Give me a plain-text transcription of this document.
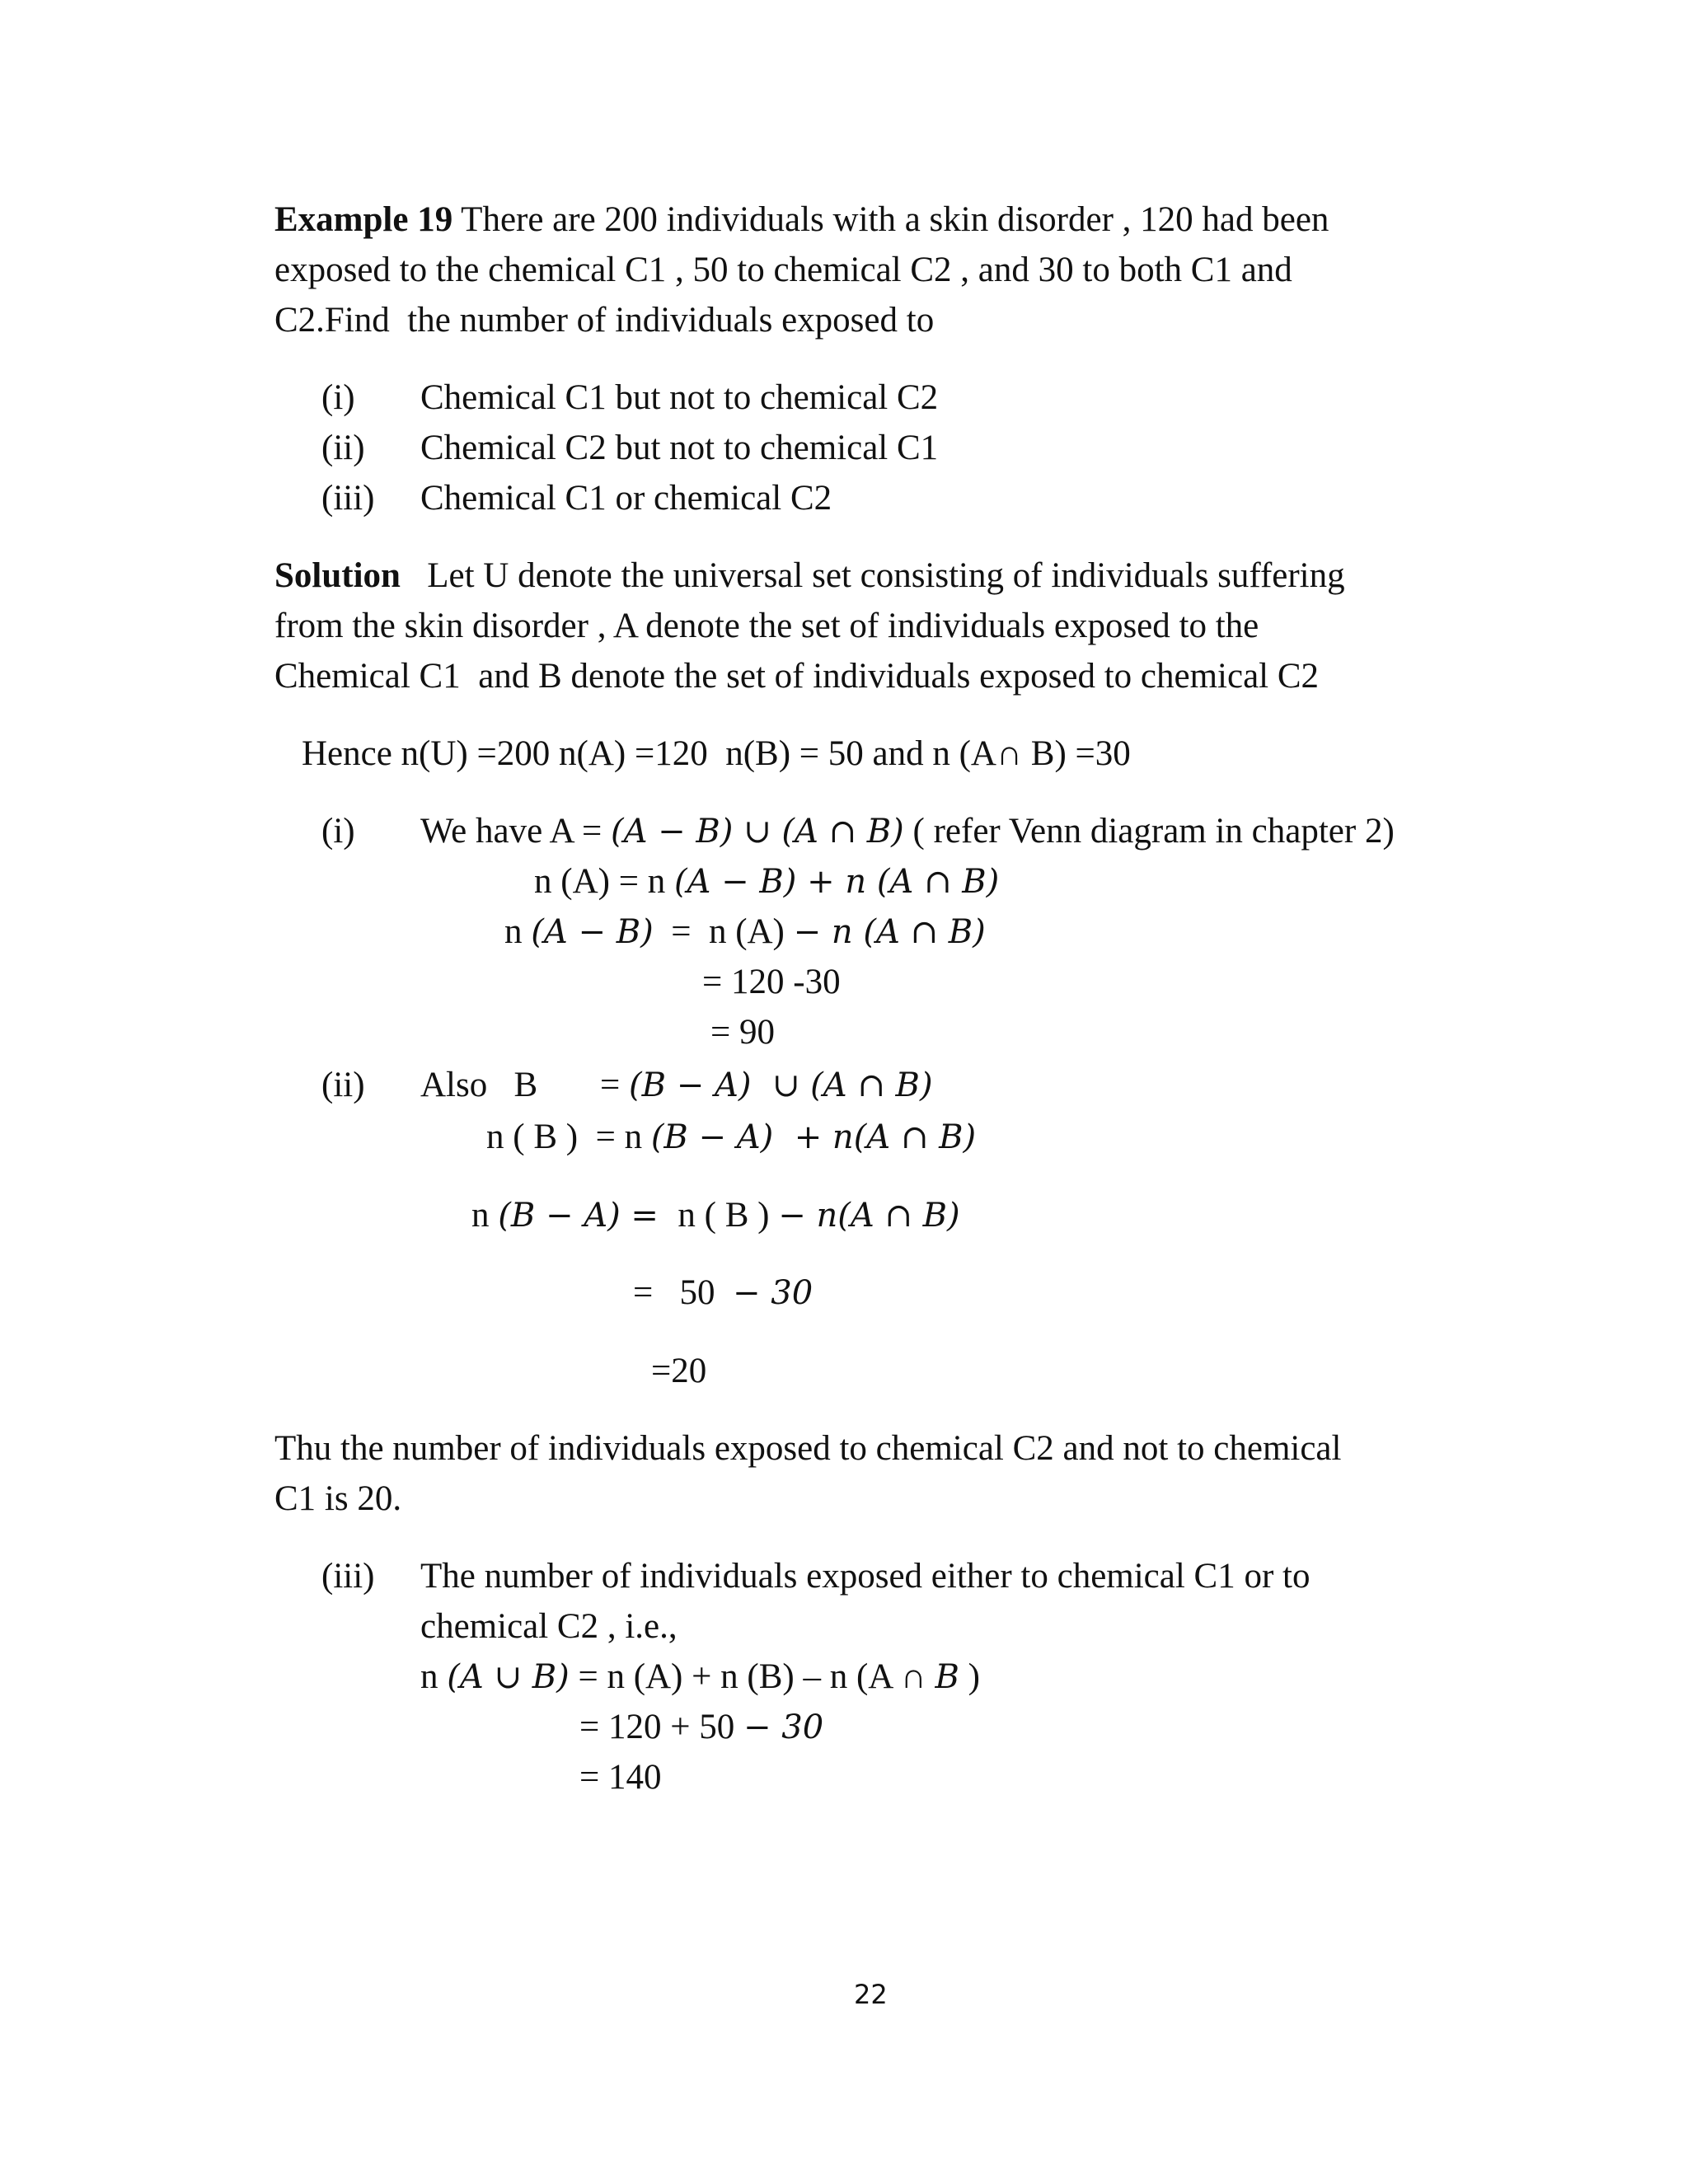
Example 19 There are 200 individuals with a skin disorder , 120 had been
exposed to the chemical C1 , 50 to chemical C2 , and 30 to both C1 and
C2.Find  the number of individuals exposed to
(i) Chemical C1 but not to chemical C2
(ii) Chemical C2 but not to chemical C1
(iii) Chemical C1 or chemical C2
Solution   Let U denote the universal set consisting of individuals suffering
from the skin disorder , A denote the set of individuals exposed to the
Chemical C1  and B denote the set of individuals exposed to chemical C2
Hence n(U) =200 n(A) =120  n(B) = 50 and n (A∩ B) =30
(i) We have A = (A − B) ∪ (A ∩ B) ( refer Venn diagram in chapter 2)
n (A) = n (A − B) + n (A ∩ B)
n (A − B)  =  n (A) − n (A ∩ B)
= 120 -30
= 90
(ii) Also   B = (B − A)  ∪ (A ∩ B)
n ( B )  = n (B − A)  + n(A ∩ B)
n (B − A) =  n ( B ) − n(A ∩ B)
=   50  − 30
=20
Thu the number of individuals exposed to chemical C2 and not to chemical
C1 is 20.
(iii) The number of individuals exposed either to chemical C1 or to
chemical C2 , i.e.,
n (A ∪ B) = n (A) + n (B) – n (A ∩ B )
= 120 + 50 − 30
= 140
22
